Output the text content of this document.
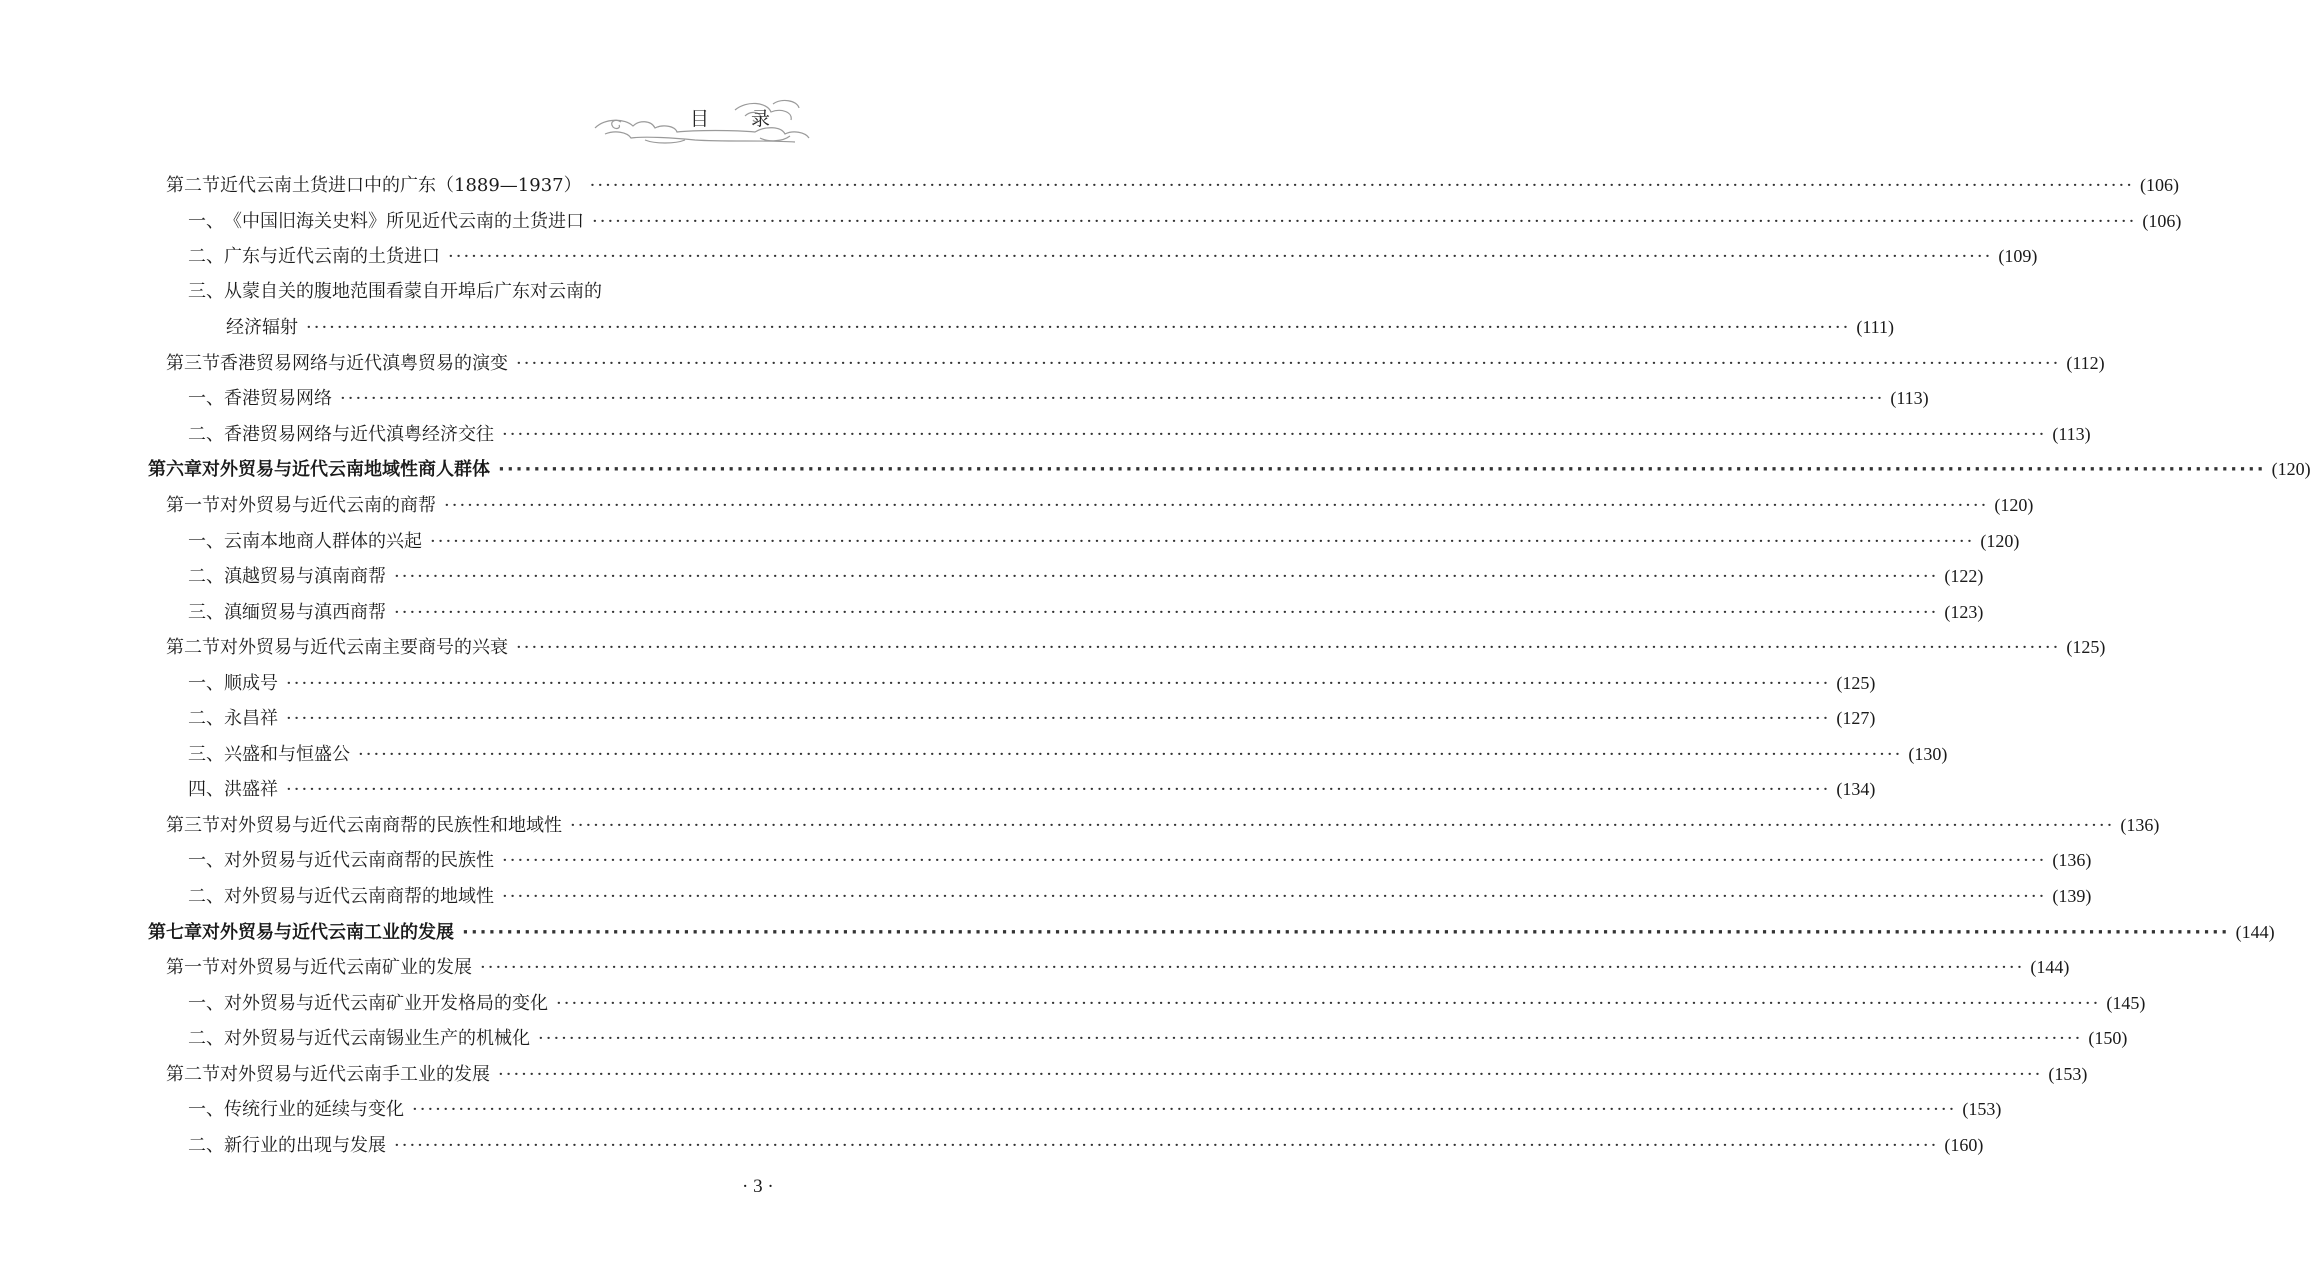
目 录
第二节 近代云南土货进口中的广东（1889—1937） ········································································································································································································ (106)
一、 《中国旧海关史料》所见近代云南的土货进口 ········································································································································································································ (106)
二、 广东与近代云南的土货进口 ········································································································································································································ (109)
三、 从蒙自关的腹地范围看蒙自开埠后广东对云南的
经济辐射 ········································································································································································································ (111)
第三节 香港贸易网络与近代滇粤贸易的演变 ········································································································································································································ (112)
一、 香港贸易网络 ········································································································································································································ (113)
二、 香港贸易网络与近代滇粤经济交往 ········································································································································································································ (113)
第六章 对外贸易与近代云南地域性商人群体 ········································································································································································································ (120)
第一节 对外贸易与近代云南的商帮 ········································································································································································································ (120)
一、 云南本地商人群体的兴起 ········································································································································································································ (120)
二、 滇越贸易与滇南商帮 ········································································································································································································ (122)
三、 滇缅贸易与滇西商帮 ········································································································································································································ (123)
第二节 对外贸易与近代云南主要商号的兴衰 ········································································································································································································ (125)
一、 顺成号 ········································································································································································································ (125)
二、 永昌祥 ········································································································································································································ (127)
三、 兴盛和与恒盛公 ········································································································································································································ (130)
四、 洪盛祥 ········································································································································································································ (134)
第三节 对外贸易与近代云南商帮的民族性和地域性 ········································································································································································································ (136)
一、 对外贸易与近代云南商帮的民族性 ········································································································································································································ (136)
二、 对外贸易与近代云南商帮的地域性 ········································································································································································································ (139)
第七章 对外贸易与近代云南工业的发展 ········································································································································································································ (144)
第一节 对外贸易与近代云南矿业的发展 ········································································································································································································ (144)
一、 对外贸易与近代云南矿业开发格局的变化 ········································································································································································································ (145)
二、 对外贸易与近代云南锡业生产的机械化 ········································································································································································································ (150)
第二节 对外贸易与近代云南手工业的发展 ········································································································································································································ (153)
一、 传统行业的延续与变化 ········································································································································································································ (153)
二、 新行业的出现与发展 ········································································································································································································ (160)
· 3 ·
